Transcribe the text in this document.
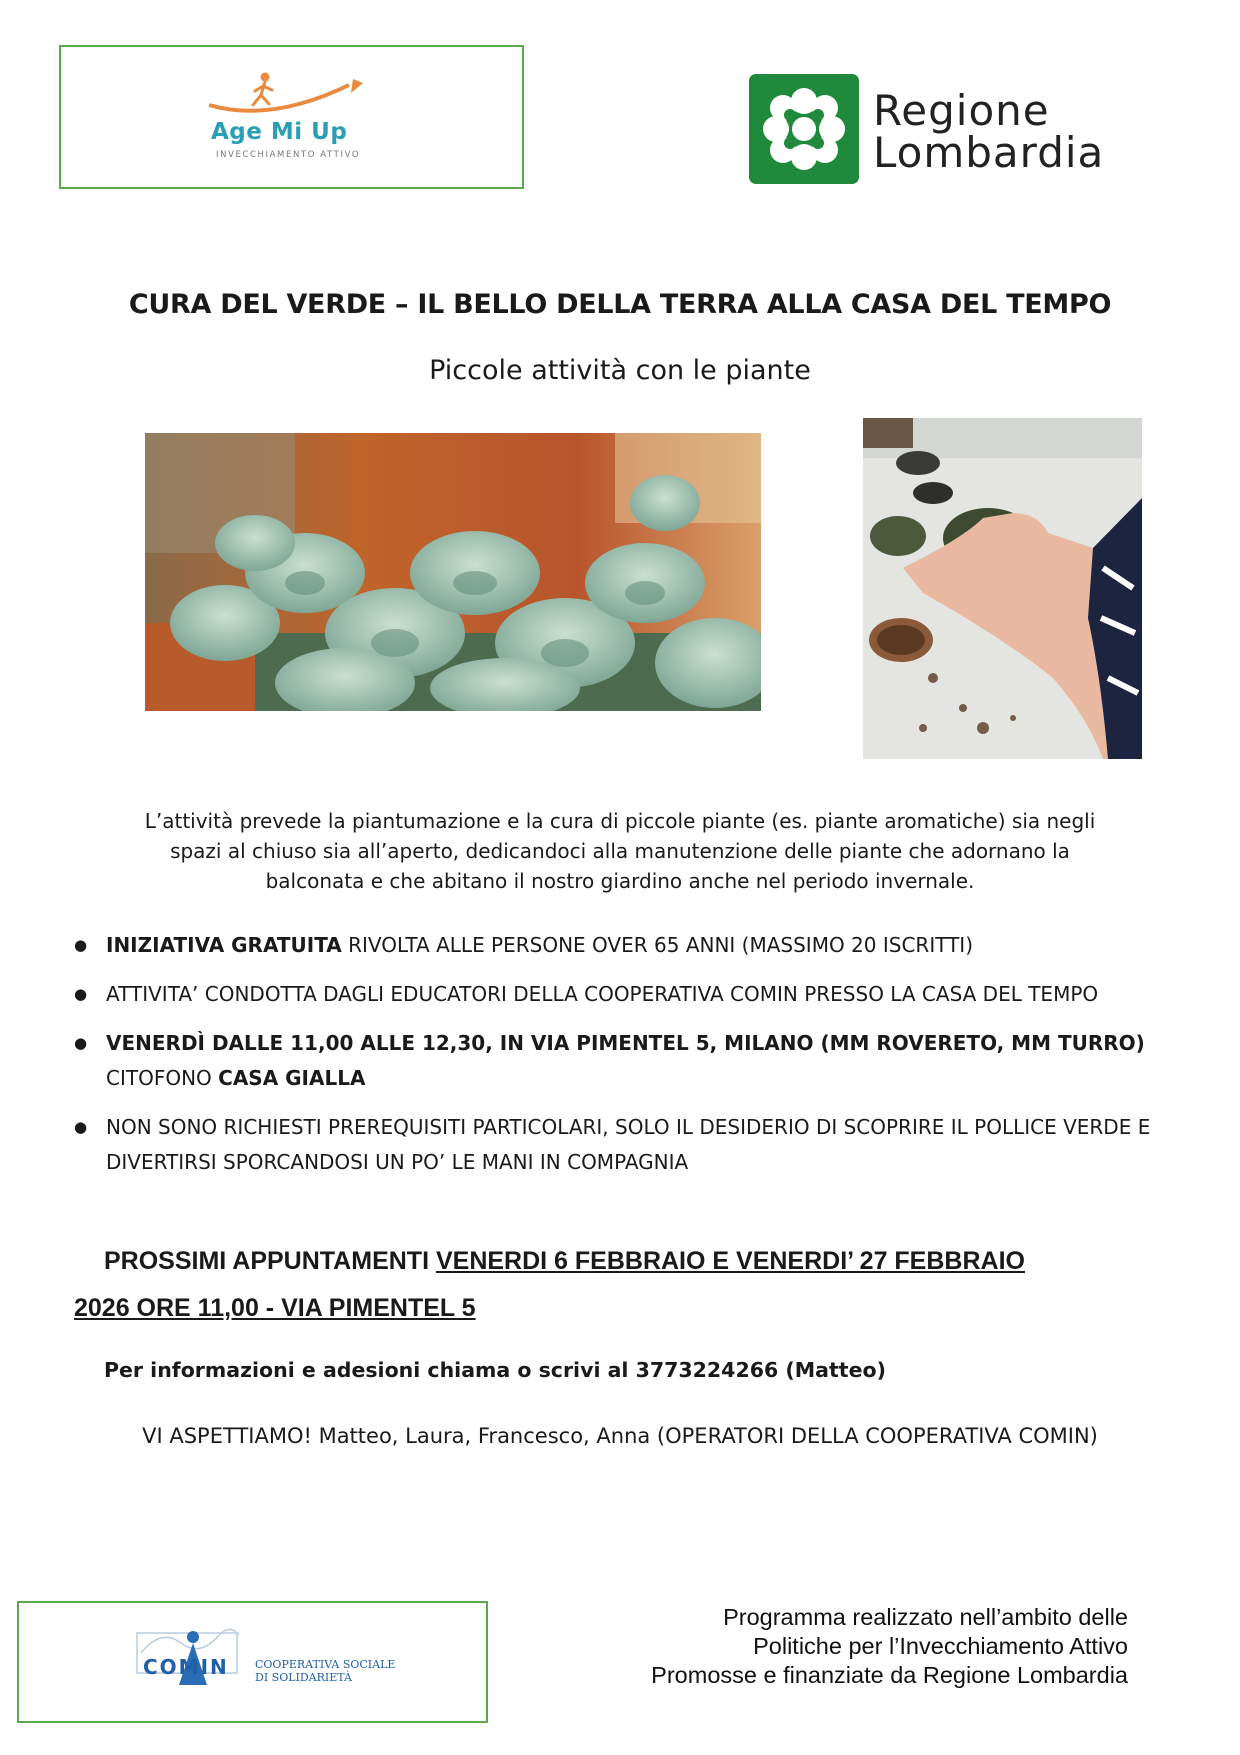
Age Mi Up
INVECCHIAMENTO ATTIVO
Regione
Lombardia
CURA DEL VERDE – IL BELLO DELLA TERRA ALLA CASA DEL TEMPO
Piccole attività con le piante
L’attività prevede la piantumazione e la cura di piccole piante (es. piante aromatiche) sia negli spazi al chiuso sia all’aperto, dedicandoci alla manutenzione delle piante che adornano la balconata e che abitano il nostro giardino anche nel periodo invernale.
● INIZIATIVA GRATUITA RIVOLTA ALLE PERSONE OVER 65 ANNI (MASSIMO 20 ISCRITTI)
● ATTIVITA’ CONDOTTA DAGLI EDUCATORI DELLA COOPERATIVA COMIN PRESSO LA CASA DEL TEMPO
● VENERDÌ DALLE 11,00 ALLE 12,30, IN VIA PIMENTEL 5, MILANO (MM ROVERETO, MM TURRO)
CITOFONO CASA GIALLA
● NON SONO RICHIESTI PREREQUISITI PARTICOLARI, SOLO IL DESIDERIO DI SCOPRIRE IL POLLICE VERDE E DIVERTIRSI SPORCANDOSI UN PO’ LE MANI IN COMPAGNIA
PROSSIMI APPUNTAMENTI VENERDI 6 FEBBRAIO E VENERDI’ 27 FEBBRAIO
2026 ORE 11,00 - VIA PIMENTEL 5
Per informazioni e adesioni chiama o scrivi al 3773224266 (Matteo)
VI ASPETTIAMO! Matteo, Laura, Francesco, Anna (OPERATORI DELLA COOPERATIVA COMIN)
COMIN COOPERATIVA SOCIALE
DI SOLIDARIETÀ
Programma realizzato nell’ambito delle
Politiche per l’Invecchiamento Attivo
Promosse e finanziate da Regione Lombardia
